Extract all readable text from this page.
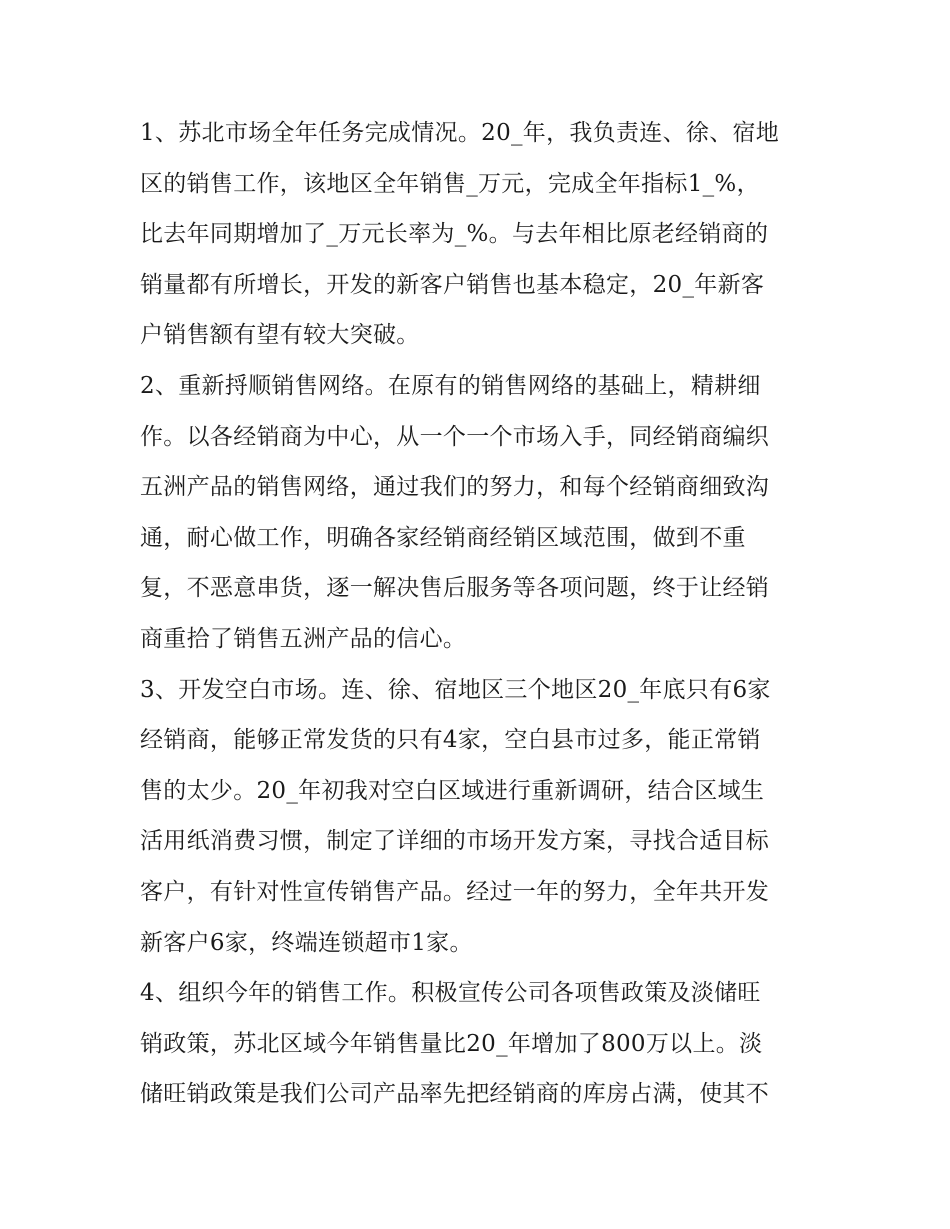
1、苏北市场全年任务完成情况。20_年，我负责连、徐、宿地
区的销售工作，该地区全年销售_万元，完成全年指标1_%，
比去年同期增加了_万元长率为_%。与去年相比原老经销商的
销量都有所增长，开发的新客户销售也基本稳定，20_年新客
户销售额有望有较大突破。
2、重新捋顺销售网络。在原有的销售网络的基础上，精耕细
作。以各经销商为中心，从一个一个市场入手，同经销商编织
五洲产品的销售网络，通过我们的努力，和每个经销商细致沟
通，耐心做工作，明确各家经销商经销区域范围，做到不重
复，不恶意串货，逐一解决售后服务等各项问题，终于让经销
商重拾了销售五洲产品的信心。
3、开发空白市场。连、徐、宿地区三个地区20_年底只有6家
经销商，能够正常发货的只有4家，空白县市过多，能正常销
售的太少。20_年初我对空白区域进行重新调研，结合区域生
活用纸消费习惯，制定了详细的市场开发方案，寻找合适目标
客户，有针对性宣传销售产品。经过一年的努力，全年共开发
新客户6家，终端连锁超市1家。
4、组织今年的销售工作。积极宣传公司各项售政策及淡储旺
销政策，苏北区域今年销售量比20_年增加了800万以上。淡
储旺销政策是我们公司产品率先把经销商的库房占满，使其不
